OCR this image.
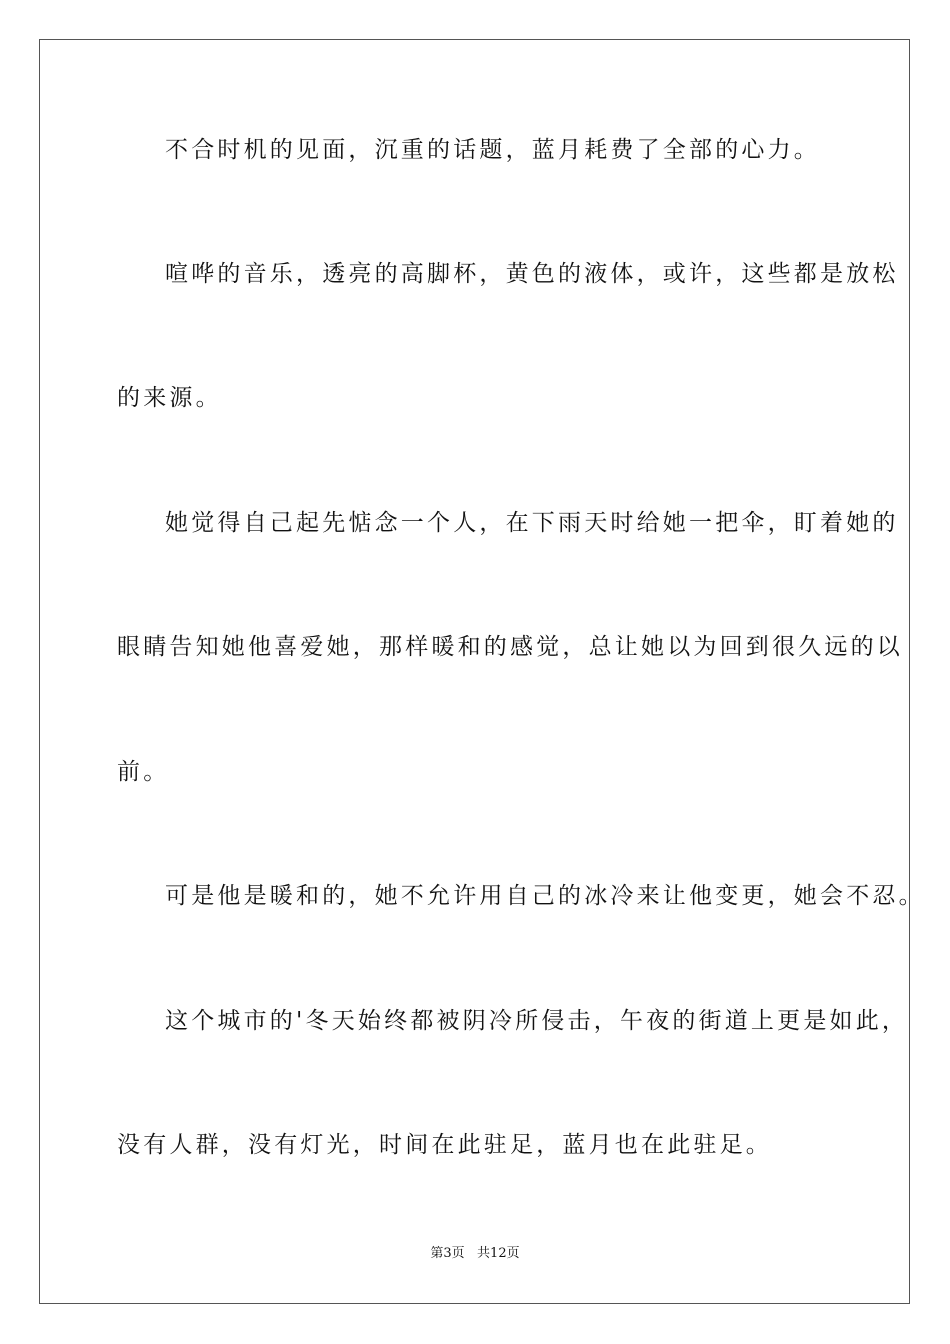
不合时机的见面，沉重的话题，蓝月耗费了全部的心力。
喧哗的音乐，透亮的高脚杯，黄色的液体，或许，这些都是放松
的来源。
她觉得自己起先惦念一个人，在下雨天时给她一把伞，盯着她的
眼睛告知她他喜爱她，那样暖和的感觉，总让她以为回到很久远的以
前。
可是他是暖和的，她不允许用自己的冰冷来让他变更，她会不忍。
这个城市的'冬天始终都被阴冷所侵击，午夜的街道上更是如此，
没有人群，没有灯光，时间在此驻足，蓝月也在此驻足。
第3页   共12页
